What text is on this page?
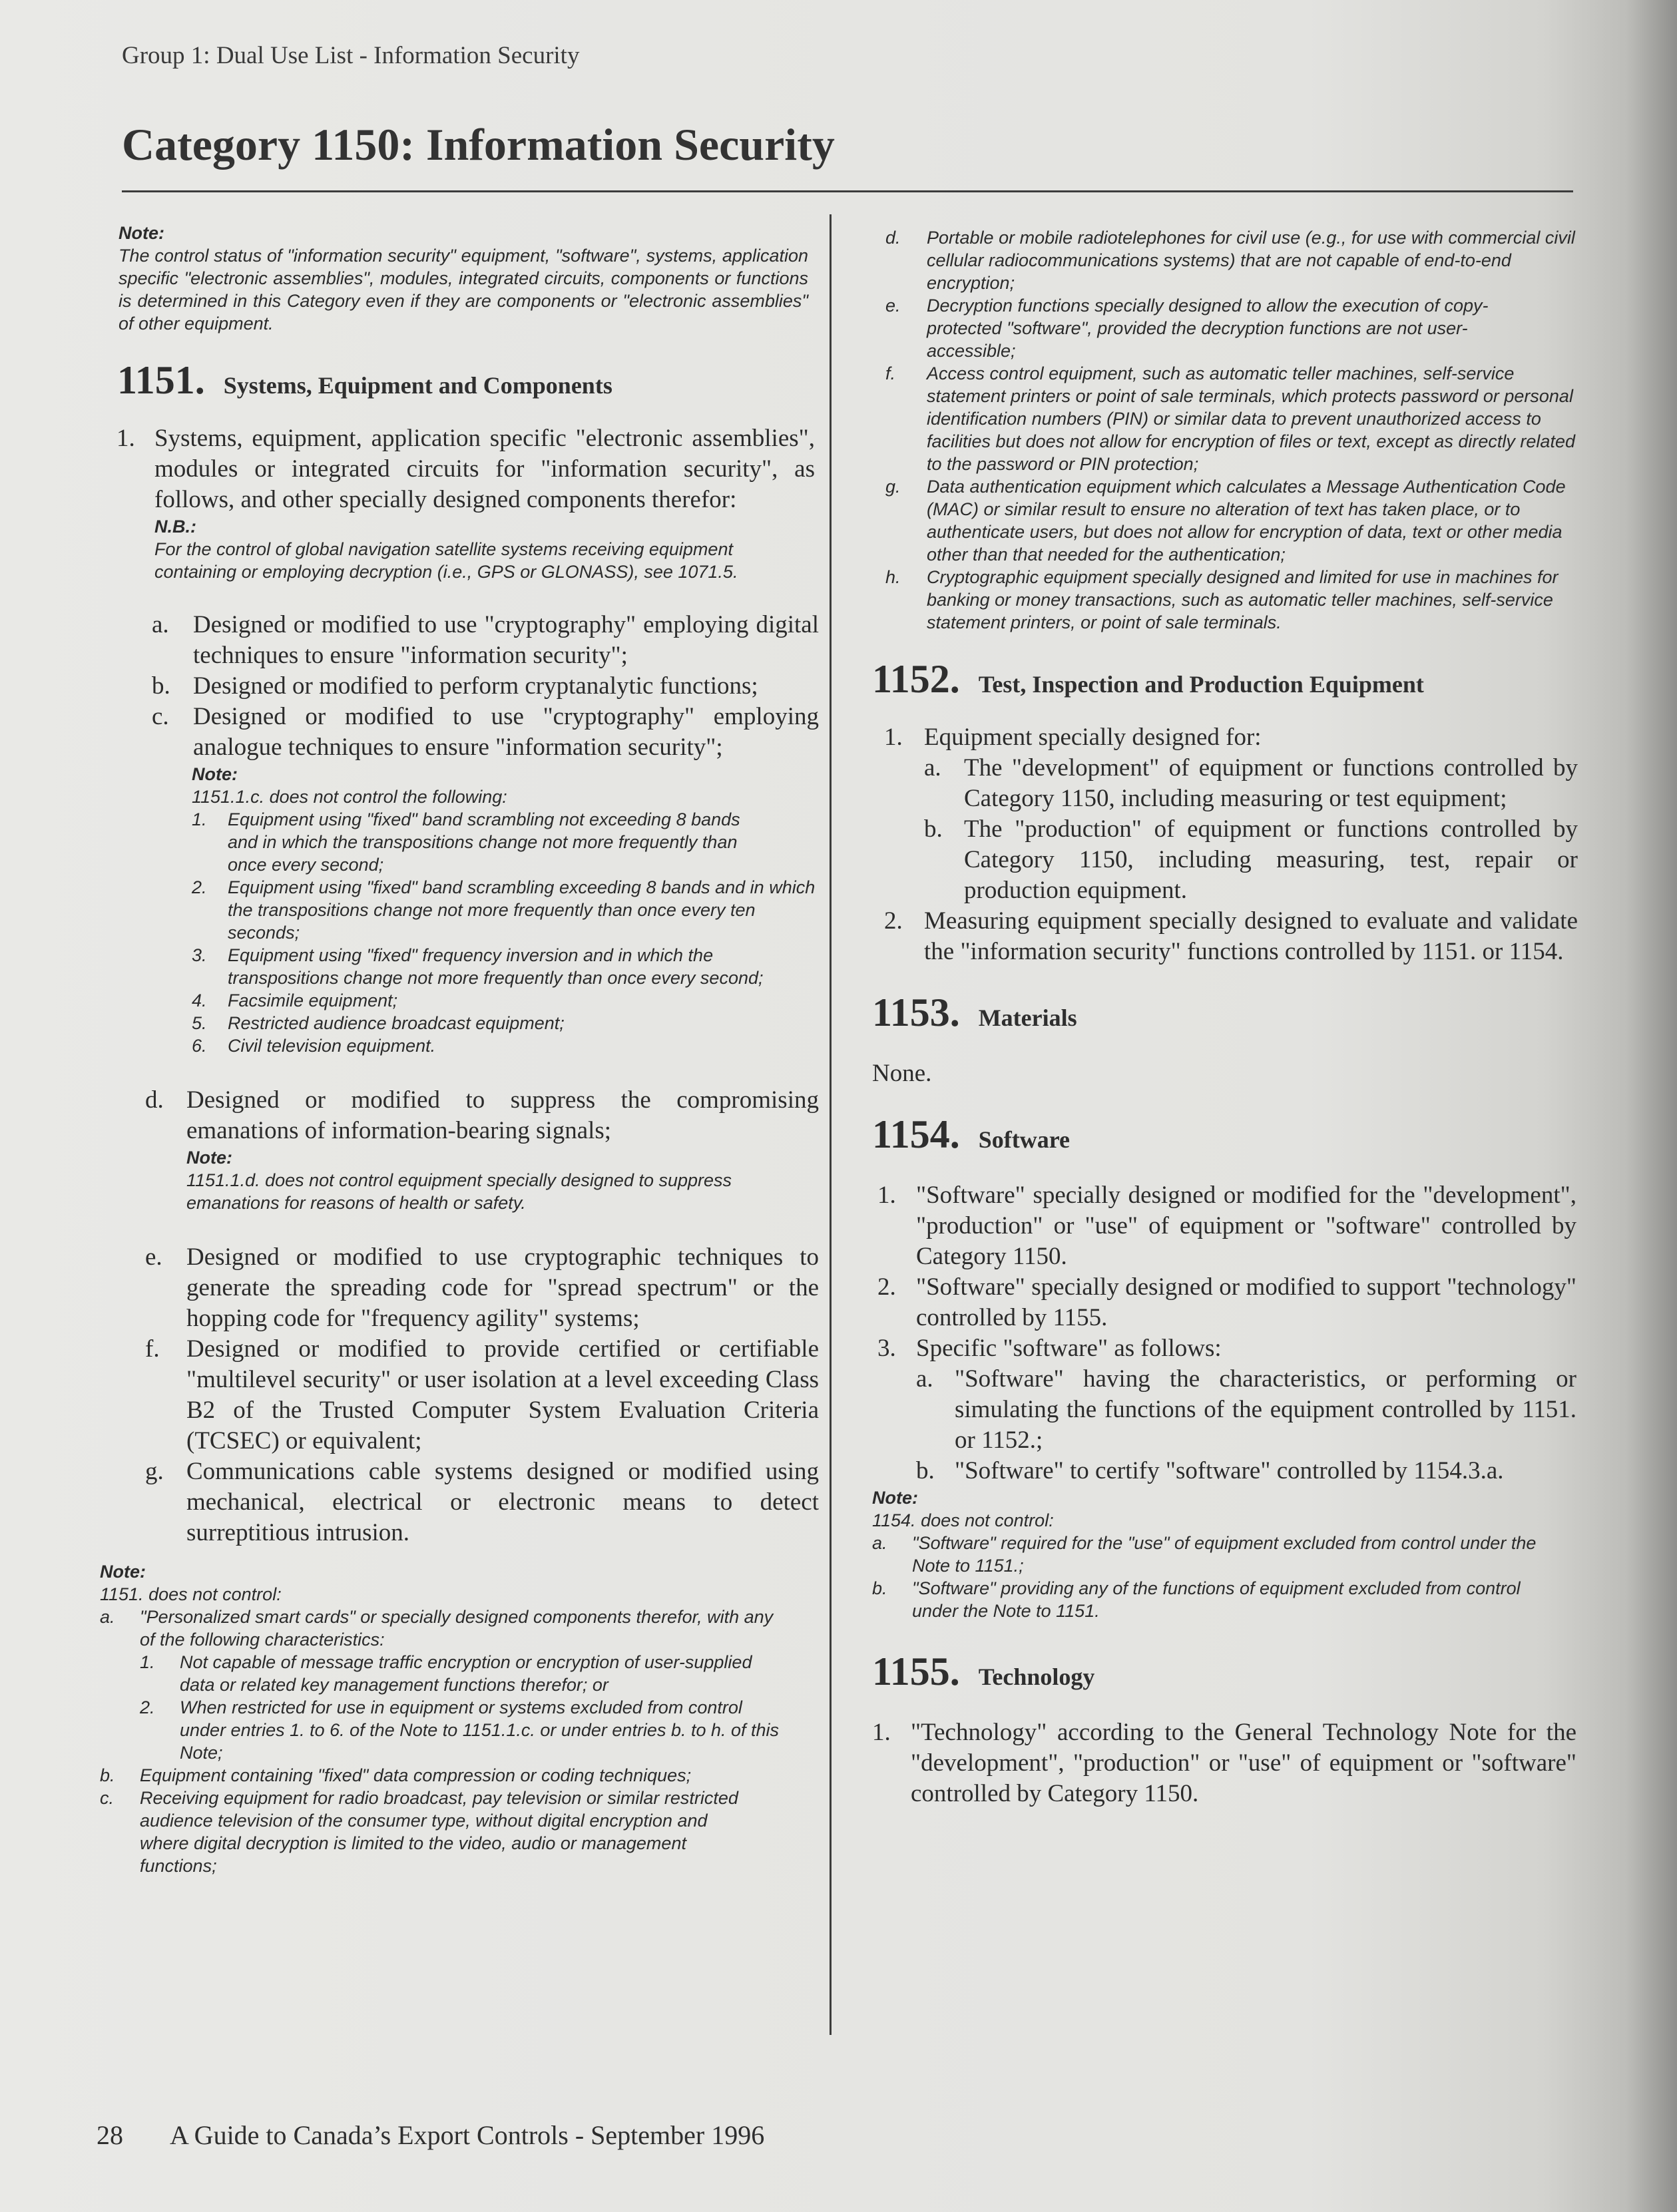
Group 1: Dual Use List - Information Security
Category 1150: Information Security
Note:
The control status of "information security" equipment, "software", systems, application specific "electronic assemblies", modules, integrated circuits, components or functions is determined in this Category even if they are components or "electronic assemblies" of other equipment.
1151. Systems, Equipment and Components
1. Systems, equipment, application specific "electronic assemblies", modules or integrated circuits for "information security", as follows, and other specially designed components therefor:
N.B.:
For the control of global navigation satellite systems receiving equipment containing or employing decryption (i.e., GPS or GLONASS), see 1071.5.
a. Designed or modified to use "cryptography" employing digital techniques to ensure "information security";
b. Designed or modified to perform cryptanalytic functions;
c. Designed or modified to use "cryptography" employing analogue techniques to ensure "information security";
Note:
1151.1.c. does not control the following:
1.	Equipment using "fixed" band scrambling not exceeding 8 bands and in which the transpositions change not more frequently than once every second;
2.	Equipment using "fixed" band scrambling exceeding 8 bands and in which the transpositions change not more frequently than once every ten seconds;
3.	Equipment using "fixed" frequency inversion and in which the transpositions change not more frequently than once every second;
4.	Facsimile equipment;
5.	Restricted audience broadcast equipment;
6.	Civil television equipment.
d. Designed or modified to suppress the compromising emanations of information-bearing signals;
Note:
1151.1.d. does not control equipment specially designed to suppress emanations for reasons of health or safety.
e. Designed or modified to use cryptographic techniques to generate the spreading code for "spread spectrum" or the hopping code for "frequency agility" systems;
f.	Designed or modified to provide certified or certifiable "multilevel security" or user isolation at a level exceeding Class B2 of the Trusted Computer System Evaluation Criteria (TCSEC) or equivalent;
g. Communications cable systems designed or modified using mechanical, electrical or electronic means to detect surreptitious intrusion.
Note:
1151. does not control:
a.	"Personalized smart cards" or specially designed components therefor, with any of the following characteristics:
1.	Not capable of message traffic encryption or encryption of user-supplied data or related key management functions therefor; or
2.	When restricted for use in equipment or systems excluded from control under entries 1. to 6. of the Note to 1151.1.c. or under entries b. to h. of this Note;
b.	Equipment containing "fixed" data compression or coding techniques;
c.	Receiving equipment for radio broadcast, pay television or similar restricted audience television of the consumer type, without digital encryption and where digital decryption is limited to the video, audio or management functions;
d.	Portable or mobile radiotelephones for civil use (e.g., for use with commercial civil cellular radiocommunications systems) that are not capable of end-to-end encryption;
e.	Decryption functions specially designed to allow the execution of copy-protected "software", provided the decryption functions are not user-accessible;
f.	Access control equipment, such as automatic teller machines, self-service statement printers or point of sale terminals, which protects password or personal identification numbers (PIN) or similar data to prevent unauthorized access to facilities but does not allow for encryption of files or text, except as directly related to the password or PIN protection;
g.	Data authentication equipment which calculates a Message Authentication Code (MAC) or similar result to ensure no alteration of text has taken place, or to authenticate users, but does not allow for encryption of data, text or other media other than that needed for the authentication;
h.	Cryptographic equipment specially designed and limited for use in machines for banking or money transactions, such as automatic teller machines, self-service statement printers, or point of sale terminals.
1152. Test, Inspection and Production Equipment
1. Equipment specially designed for:
a. The "development" of equipment or functions controlled by Category 1150, including measuring or test equipment;
b. The "production" of equipment or functions controlled by Category 1150, including measuring, test, repair or production equipment.
2. Measuring equipment specially designed to evaluate and validate the "information security" functions controlled by 1151. or 1154.
1153. Materials
None.
1154. Software
1. "Software" specially designed or modified for the "development", "production" or "use" of equipment or "software" controlled by Category 1150.
2. "Software" specially designed or modified to support "technology" controlled by 1155.
3. Specific "software" as follows:
a. "Software" having the characteristics, or performing or simulating the functions of the equipment controlled by 1151. or 1152.;
b. "Software" to certify "software" controlled by 1154.3.a.
Note:
1154. does not control:
a.	"Software" required for the "use" of equipment excluded from control under the Note to 1151.;
b.	"Software" providing any of the functions of equipment excluded from control under the Note to 1151.
1155. Technology
1. "Technology" according to the General Technology Note for the "development", "production" or "use" of equipment or "software" controlled by Category 1150.
28 A Guide to Canada’s Export Controls - September 1996
